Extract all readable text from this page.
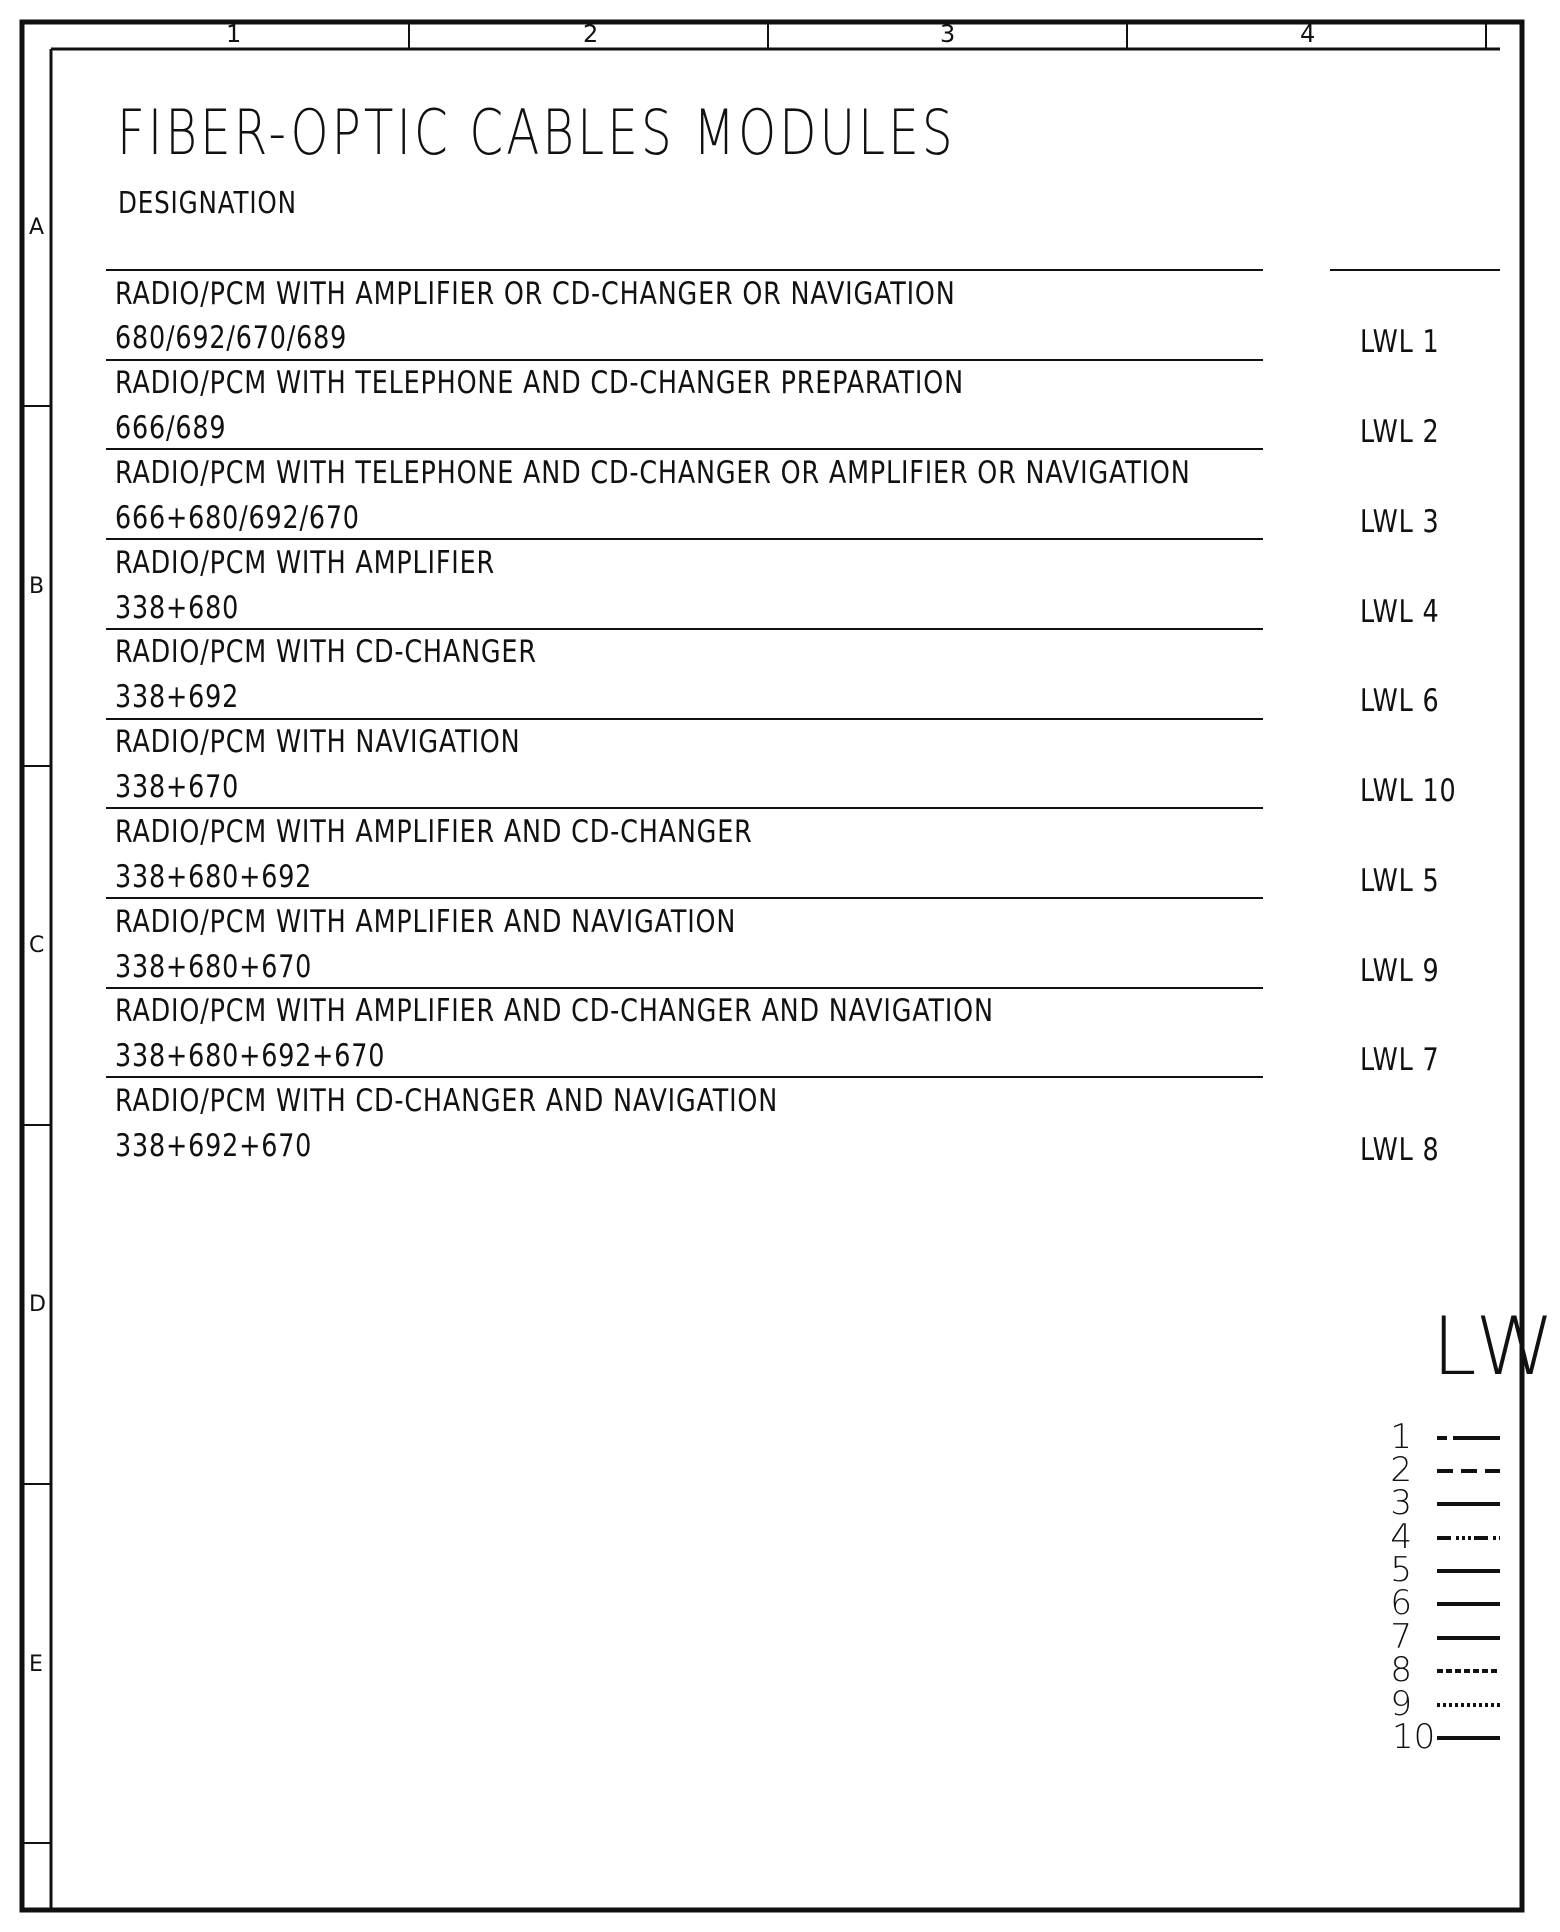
1	2	3	4
A
B
C
D
E
FIBER-OPTIC CABLES MODULES
DESIGNATION
RADIO/PCM WITH AMPLIFIER OR CD-CHANGER OR NAVIGATION
680/692/670/689	LWL 1
RADIO/PCM WITH TELEPHONE AND CD-CHANGER PREPARATION
666/689	LWL 2
RADIO/PCM WITH TELEPHONE AND CD-CHANGER OR AMPLIFIER OR NAVIGATION
666+680/692/670	LWL 3
RADIO/PCM WITH AMPLIFIER
338+680	LWL 4
RADIO/PCM WITH CD-CHANGER
338+692	LWL 6
RADIO/PCM WITH NAVIGATION
338+670	LWL 10
RADIO/PCM WITH AMPLIFIER AND CD-CHANGER
338+680+692	LWL 5
RADIO/PCM WITH AMPLIFIER AND NAVIGATION
338+680+670	LWL 9
RADIO/PCM WITH AMPLIFIER AND CD-CHANGER AND NAVIGATION
338+680+692+670	LWL 7
RADIO/PCM WITH CD-CHANGER AND NAVIGATION
338+692+670	LWL 8
LW
1
2
3
4
5
6
7
8
9
10
